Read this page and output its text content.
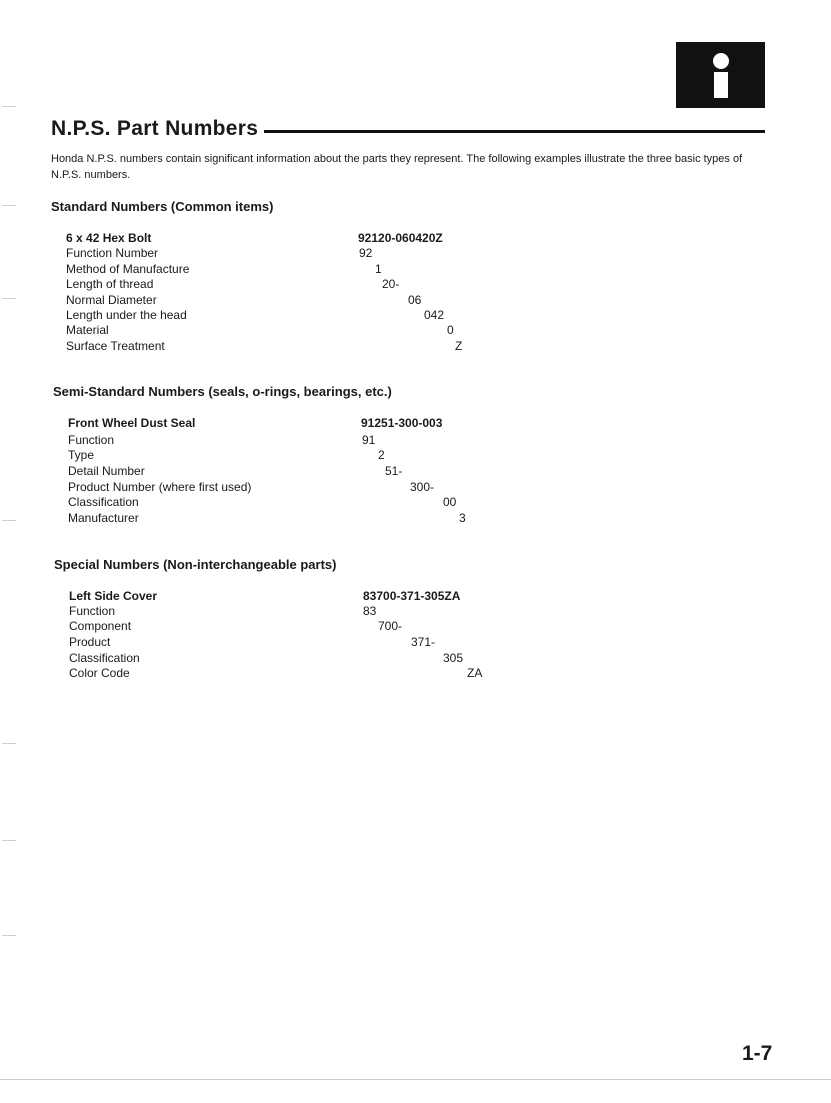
N.P.S. Part Numbers
Honda N.P.S. numbers contain significant information about the parts they represent. The following examples illustrate the three basic types of N.P.S. numbers.
Standard Numbers (Common items)
6 x 42 Hex Bolt	92120-060420Z
Function Number	92
Method of Manufacture	1
Length of thread	20-
Normal Diameter	06
Length under the head	042
Material	0
Surface Treatment	Z
Semi-Standard Numbers (seals, o-rings, bearings, etc.)
Front Wheel Dust Seal	91251-300-003
Function	91
Type	2
Detail Number	51-
Product Number (where first used)	300-
Classification	00
Manufacturer	3
Special Numbers (Non-interchangeable parts)
Left Side Cover	83700-371-305ZA
Function	83
Component	700-
Product	371-
Classification	305
Color Code	ZA
1-7
